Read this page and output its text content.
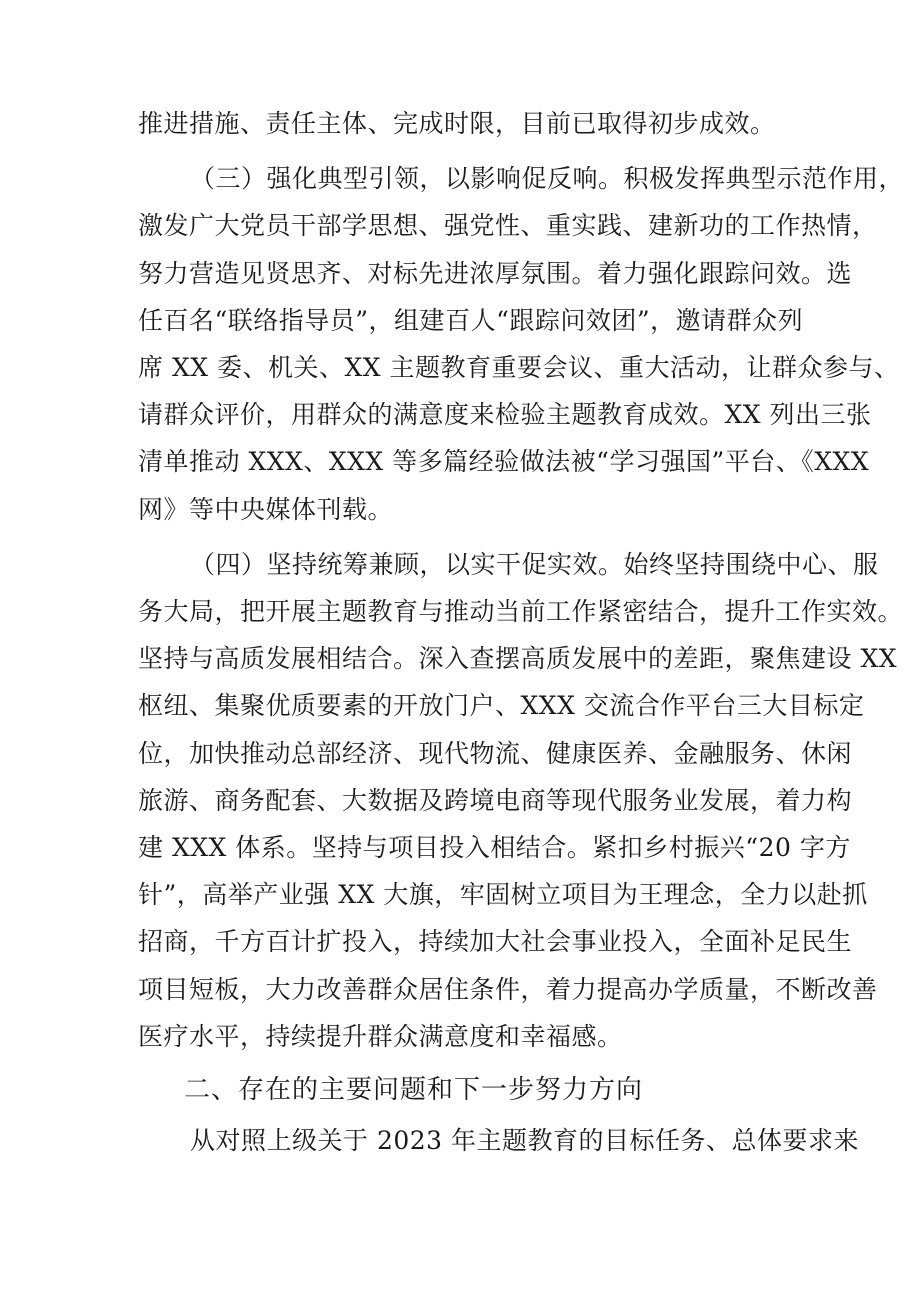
推进措施、责任主体、完成时限，目前已取得初步成效。
（三）强化典型引领，以影响促反响。积极发挥典型示范作用，
激发广大党员干部学思想、强党性、重实践、建新功的工作热情，
努力营造见贤思齐、对标先进浓厚氛围。着力强化跟踪问效。选
任百名“联络指导员”，组建百人“跟踪问效团”，邀请群众列
席 XX 委、机关、XX 主题教育重要会议、重大活动，让群众参与、
请群众评价，用群众的满意度来检验主题教育成效。XX 列出三张
清单推动 XXX、XXX 等多篇经验做法被“学习强国”平台、《XXX
网》等中央媒体刊载。
（四）坚持统筹兼顾，以实干促实效。始终坚持围绕中心、服
务大局，把开展主题教育与推动当前工作紧密结合，提升工作实效。
坚持与高质发展相结合。深入查摆高质发展中的差距，聚焦建设 XX
枢纽、集聚优质要素的开放门户、XXX 交流合作平台三大目标定
位，加快推动总部经济、现代物流、健康医养、金融服务、休闲
旅游、商务配套、大数据及跨境电商等现代服务业发展，着力构
建 XXX 体系。坚持与项目投入相结合。紧扣乡村振兴“20 字方
针”，高举产业强 XX 大旗，牢固树立项目为王理念，全力以赴抓
招商，千方百计扩投入，持续加大社会事业投入，全面补足民生
项目短板，大力改善群众居住条件，着力提高办学质量，不断改善
医疗水平，持续提升群众满意度和幸福感。
二、存在的主要问题和下一步努力方向
从对照上级关于 2023 年主题教育的目标任务、总体要求来
